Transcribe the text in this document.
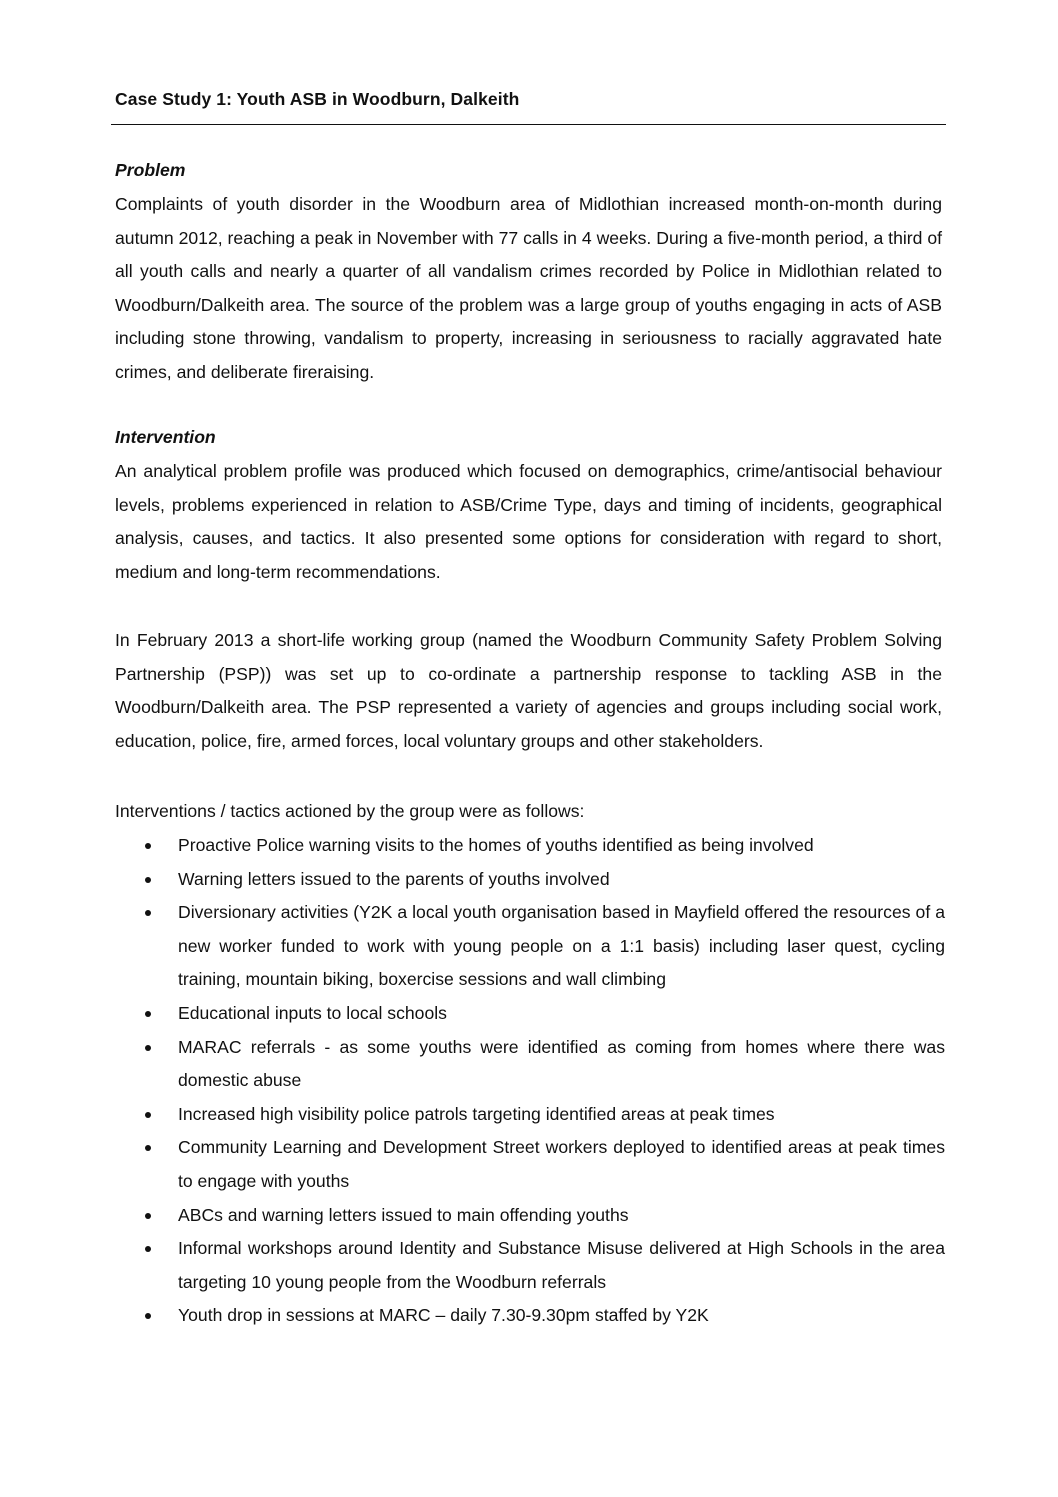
Case Study 1: Youth ASB in Woodburn, Dalkeith
Problem

Complaints of youth disorder in the Woodburn area of Midlothian increased month-on-month during autumn 2012, reaching a peak in November with 77 calls in 4 weeks. During a five-month period, a third of all youth calls and nearly a quarter of all vandalism crimes recorded by Police in Midlothian related to Woodburn/Dalkeith area. The source of the problem was a large group of youths engaging in acts of ASB including stone throwing, vandalism to property, increasing in seriousness to racially aggravated hate crimes, and deliberate fireraising.

Intervention

An analytical problem profile was produced which focused on demographics, crime/antisocial behaviour levels, problems experienced in relation to ASB/Crime Type, days and timing of incidents, geographical analysis, causes, and tactics. It also presented some options for consideration with regard to short, medium and long-term recommendations.

In February 2013 a short-life working group (named the Woodburn Community Safety Problem Solving Partnership (PSP)) was set up to co-ordinate a partnership response to tackling ASB in the Woodburn/Dalkeith area. The PSP represented a variety of agencies and groups including social work, education, police, fire, armed forces, local voluntary groups and other stakeholders.

Interventions / tactics actioned by the group were as follows:
Proactive Police warning visits to the homes of youths identified as being involved
Warning letters issued to the parents of youths involved
Diversionary activities (Y2K a local youth organisation based in Mayfield offered the resources of a new worker funded to work with young people on a 1:1 basis) including laser quest, cycling training, mountain biking, boxercise sessions and wall climbing
Educational inputs to local schools
MARAC referrals - as some youths were identified as coming from homes where there was domestic abuse
Increased high visibility police patrols targeting identified areas at peak times
Community Learning and Development Street workers deployed to identified areas at peak times to engage with youths
ABCs and warning letters issued to main offending youths
Informal workshops around Identity and Substance Misuse delivered at High Schools in the area targeting 10 young people from the Woodburn referrals
Youth drop in sessions at MARC – daily 7.30-9.30pm staffed by Y2K
